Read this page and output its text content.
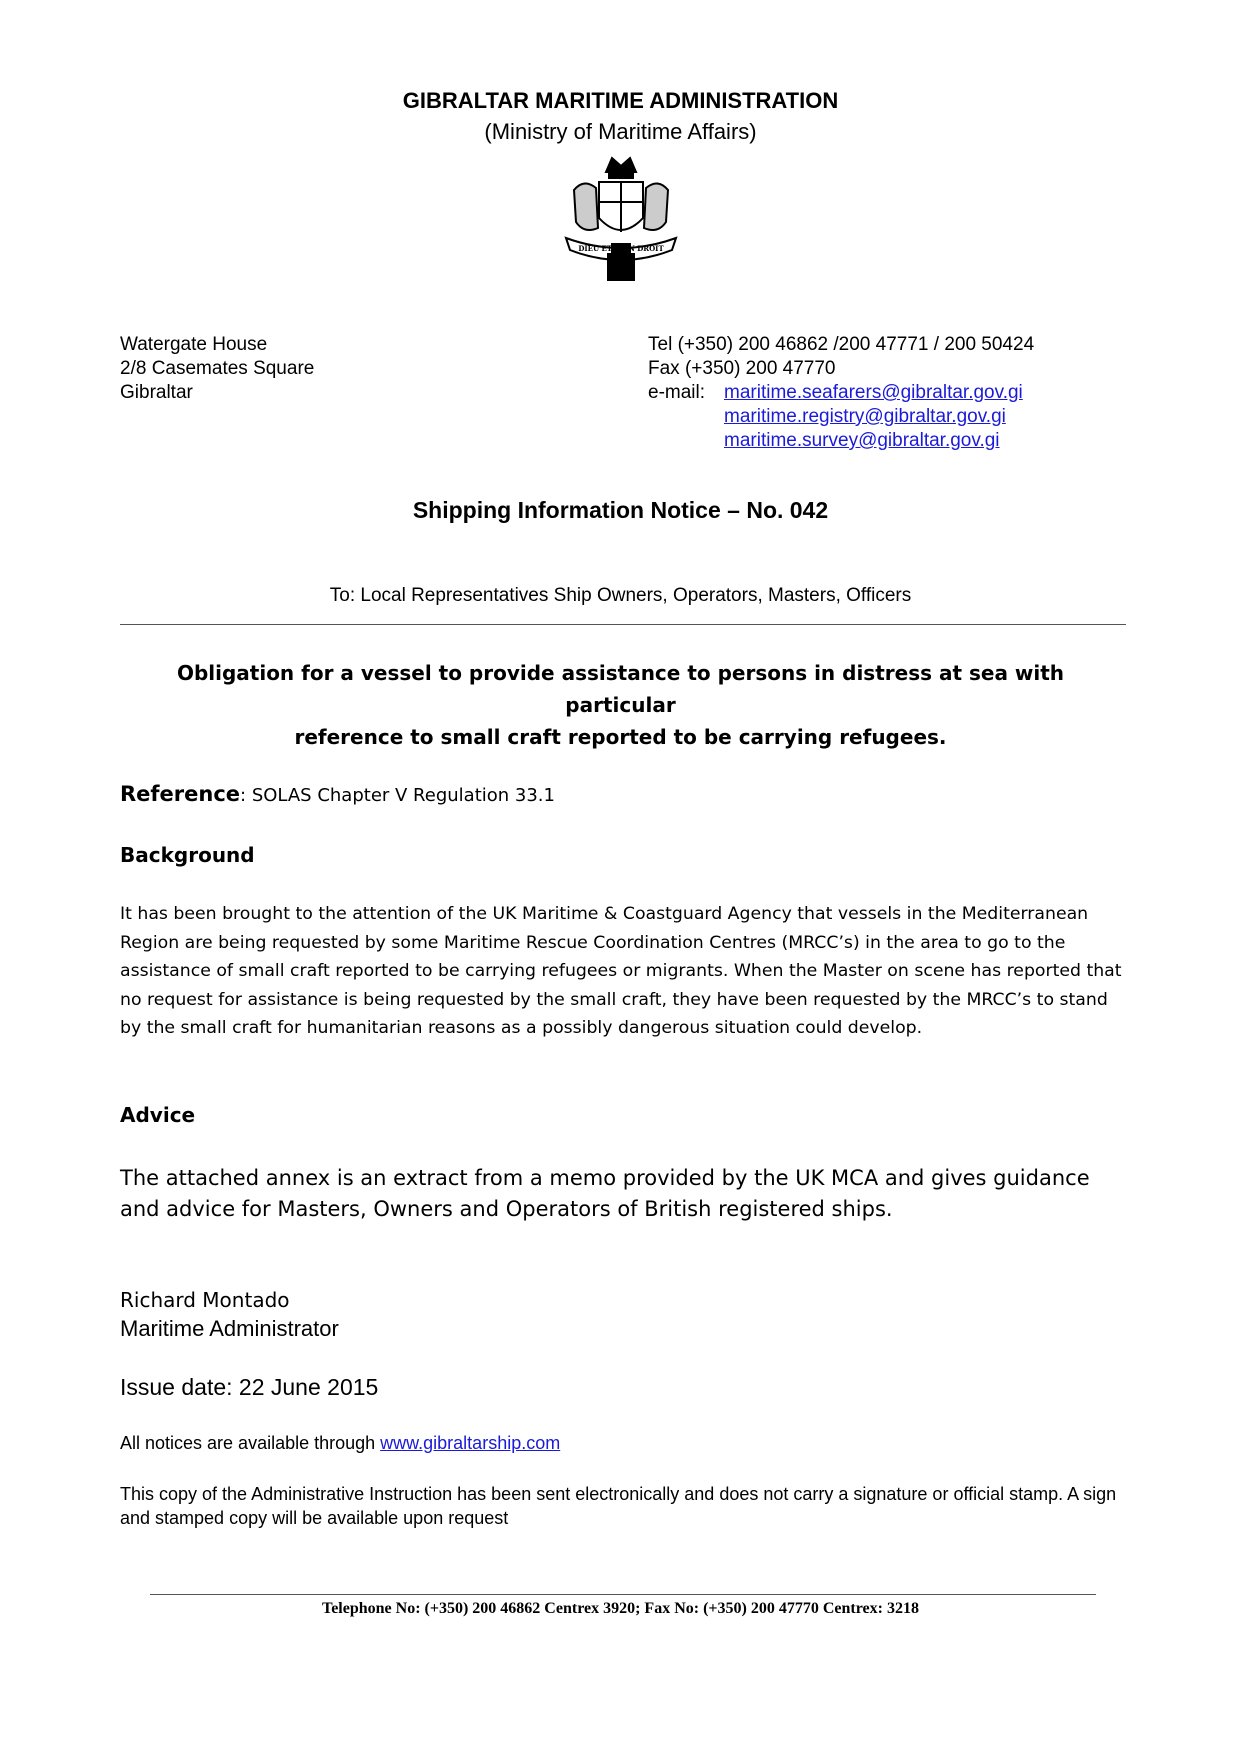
GIBRALTAR MARITIME ADMINISTRATION
(Ministry of Maritime Affairs)
DIEU ET MON DROIT
Watergate House
2/8 Casemates Square
Gibraltar
Tel (+350) 200 46862 /200 47771 / 200 50424
Fax (+350) 200 47770
e-mail: maritime.seafarers@gibraltar.gov.gi
maritime.registry@gibraltar.gov.gi
maritime.survey@gibraltar.gov.gi
Shipping Information Notice – No. 042
To: Local Representatives Ship Owners, Operators, Masters, Officers
Obligation for a vessel to provide assistance to persons in distress at sea with particular
reference to small craft reported to be carrying refugees.
Reference: SOLAS Chapter V Regulation 33.1
Background
It has been brought to the attention of the UK Maritime & Coastguard Agency that vessels in the Mediterranean Region are being requested by some Maritime Rescue Coordination Centres (MRCC’s) in the area to go to the assistance of small craft reported to be carrying refugees or migrants. When the Master on scene has reported that no request for assistance is being requested by the small craft, they have been requested by the MRCC’s to stand by the small craft for humanitarian reasons as a possibly dangerous situation could develop.
Advice
The attached annex is an extract from a memo provided by the UK MCA and gives guidance and advice for Masters, Owners and Operators of British registered ships.
Richard Montado
Maritime Administrator
Issue date: 22 June 2015
All notices are available through www.gibraltarship.com
This copy of the Administrative Instruction has been sent electronically and does not carry a signature or official stamp. A sign and stamped copy will be available upon request
Telephone No: (+350) 200 46862 Centrex 3920; Fax No: (+350) 200 47770 Centrex: 3218
